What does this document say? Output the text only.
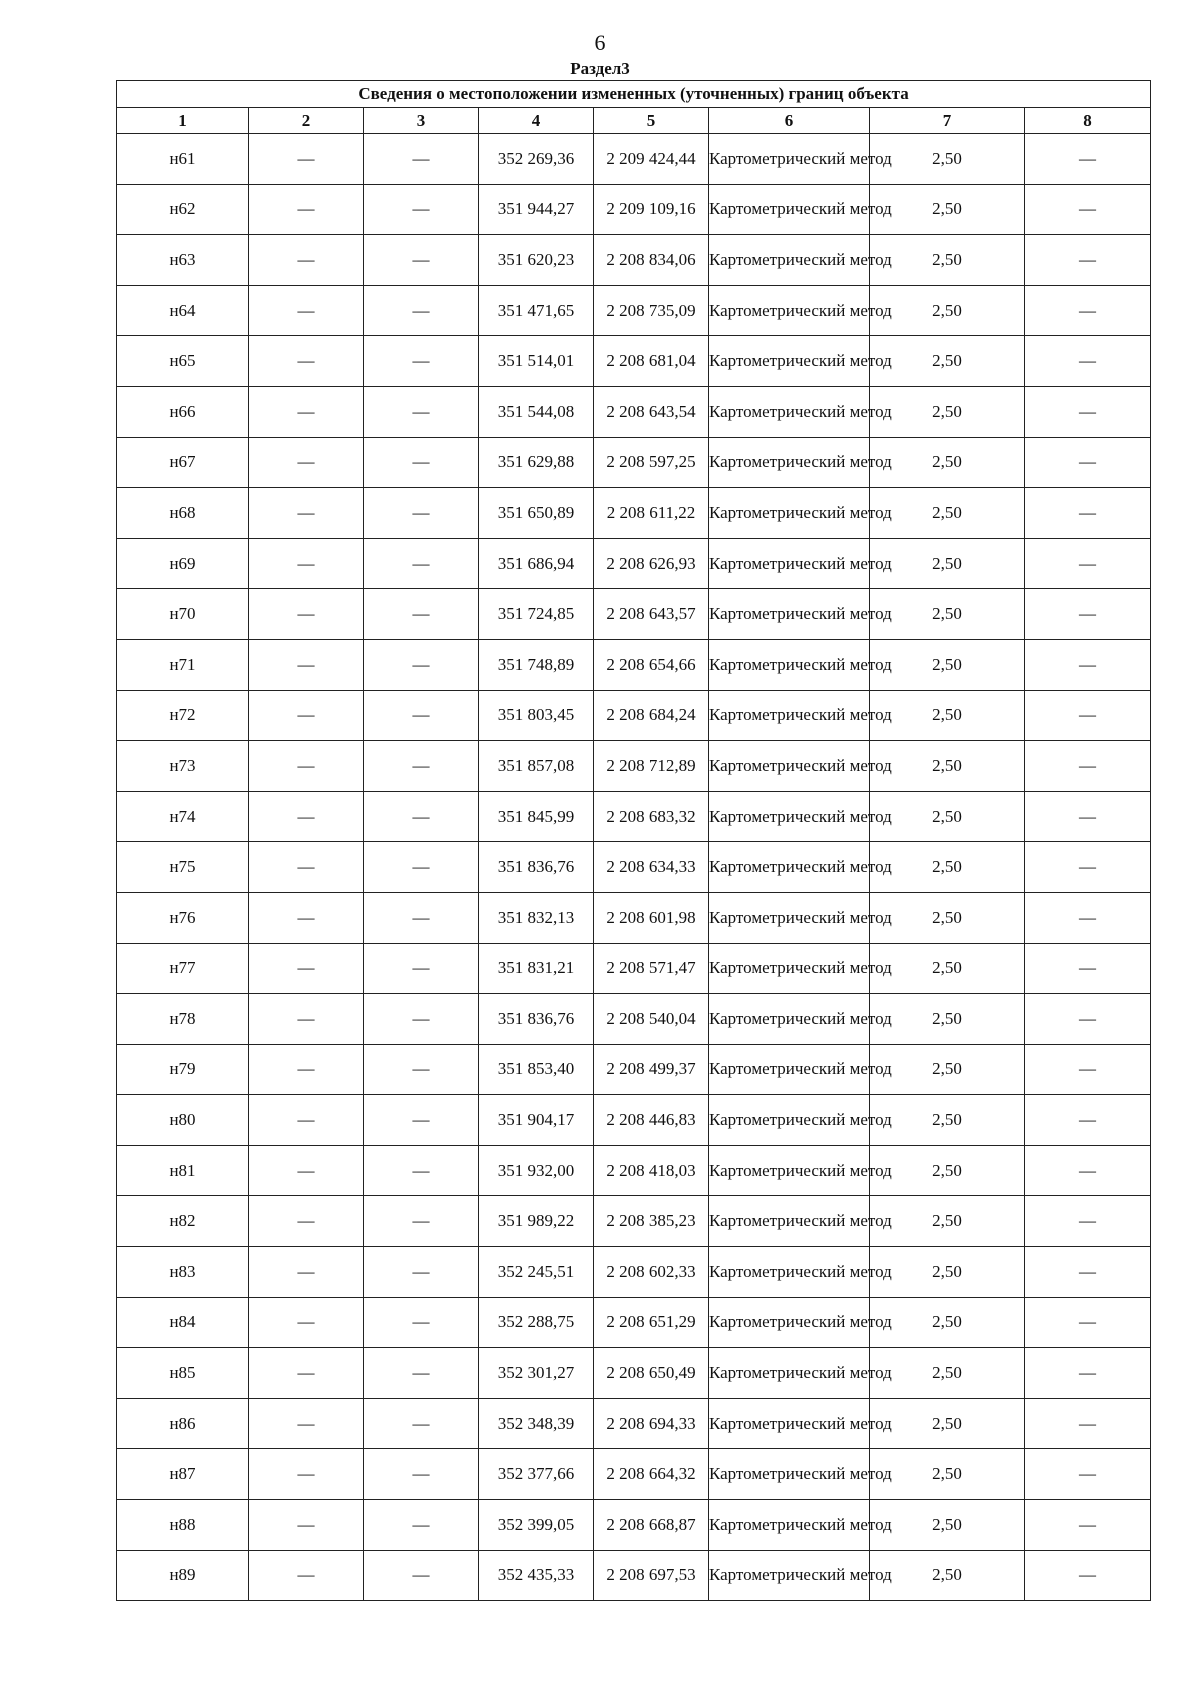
6
Раздел3
Сведения о местоположении измененных (уточненных) границ объекта							
1	2	3	4	5	6	7	8
н61	—	—	352 269,36	2 209 424,44	Картометрический метод	2,50	—
н62	—	—	351 944,27	2 209 109,16	Картометрический метод	2,50	—
н63	—	—	351 620,23	2 208 834,06	Картометрический метод	2,50	—
н64	—	—	351 471,65	2 208 735,09	Картометрический метод	2,50	—
н65	—	—	351 514,01	2 208 681,04	Картометрический метод	2,50	—
н66	—	—	351 544,08	2 208 643,54	Картометрический метод	2,50	—
н67	—	—	351 629,88	2 208 597,25	Картометрический метод	2,50	—
н68	—	—	351 650,89	2 208 611,22	Картометрический метод	2,50	—
н69	—	—	351 686,94	2 208 626,93	Картометрический метод	2,50	—
н70	—	—	351 724,85	2 208 643,57	Картометрический метод	2,50	—
н71	—	—	351 748,89	2 208 654,66	Картометрический метод	2,50	—
н72	—	—	351 803,45	2 208 684,24	Картометрический метод	2,50	—
н73	—	—	351 857,08	2 208 712,89	Картометрический метод	2,50	—
н74	—	—	351 845,99	2 208 683,32	Картометрический метод	2,50	—
н75	—	—	351 836,76	2 208 634,33	Картометрический метод	2,50	—
н76	—	—	351 832,13	2 208 601,98	Картометрический метод	2,50	—
н77	—	—	351 831,21	2 208 571,47	Картометрический метод	2,50	—
н78	—	—	351 836,76	2 208 540,04	Картометрический метод	2,50	—
н79	—	—	351 853,40	2 208 499,37	Картометрический метод	2,50	—
н80	—	—	351 904,17	2 208 446,83	Картометрический метод	2,50	—
н81	—	—	351 932,00	2 208 418,03	Картометрический метод	2,50	—
н82	—	—	351 989,22	2 208 385,23	Картометрический метод	2,50	—
н83	—	—	352 245,51	2 208 602,33	Картометрический метод	2,50	—
н84	—	—	352 288,75	2 208 651,29	Картометрический метод	2,50	—
н85	—	—	352 301,27	2 208 650,49	Картометрический метод	2,50	—
н86	—	—	352 348,39	2 208 694,33	Картометрический метод	2,50	—
н87	—	—	352 377,66	2 208 664,32	Картометрический метод	2,50	—
н88	—	—	352 399,05	2 208 668,87	Картометрический метод	2,50	—
н89	—	—	352 435,33	2 208 697,53	Картометрический метод	2,50	—
